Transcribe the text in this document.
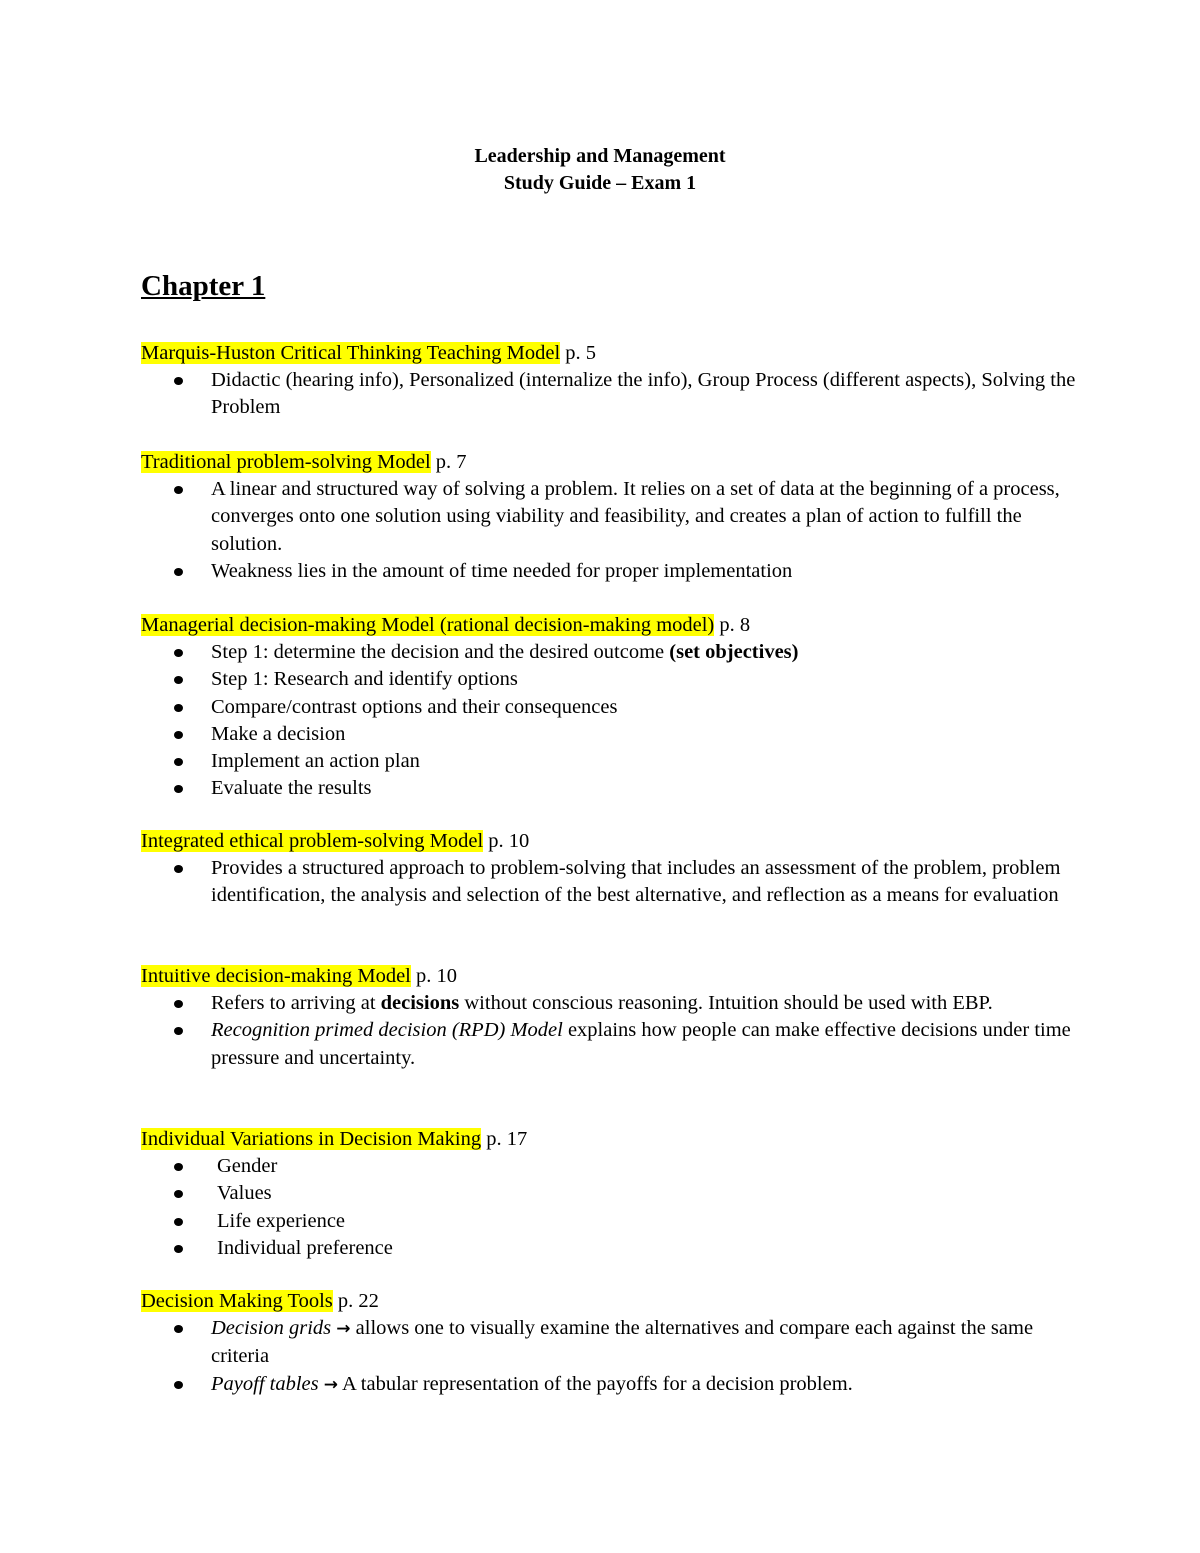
Leadership and Management
Study Guide – Exam 1
Chapter 1
Marquis-Huston Critical Thinking Teaching Model p. 5
Didactic (hearing info), Personalized (internalize the info), Group Process (different aspects), Solving the Problem
Traditional problem-solving Model p. 7
A linear and structured way of solving a problem. It relies on a set of data at the beginning of a process, converges onto one solution using viability and feasibility, and creates a plan of action to fulfill the solution.
Weakness lies in the amount of time needed for proper implementation
Managerial decision-making Model (rational decision-making model) p. 8
Step 1: determine the decision and the desired outcome (set objectives)
Step 1: Research and identify options
Compare/contrast options and their consequences
Make a decision
Implement an action plan
Evaluate the results
Integrated ethical problem-solving Model p. 10
Provides a structured approach to problem-solving that includes an assessment of the problem, problem identification, the analysis and selection of the best alternative, and reflection as a means for evaluation
Intuitive decision-making Model p. 10
Refers to arriving at decisions without conscious reasoning. Intuition should be used with EBP.
Recognition primed decision (RPD) Model explains how people can make effective decisions under time pressure and uncertainty.
Individual Variations in Decision Making p. 17
Gender
Values
Life experience
Individual preference
Decision Making Tools p. 22
Decision grids → allows one to visually examine the alternatives and compare each against the same criteria
Payoff tables → A tabular representation of the payoffs for a decision problem.
